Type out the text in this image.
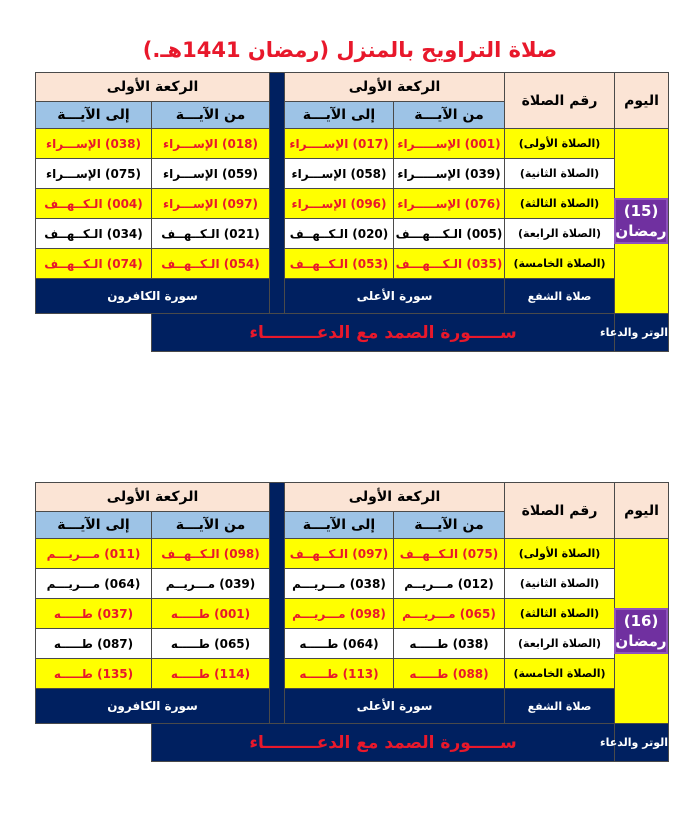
صلاة التراويح بالمنزل (رمضان 1441هـ.)
اليوم	رقم الصلاة	الركعة الأولى			الركعة الأولى	
		من الآيـــة	إلى الآيـــة		من الآيـــة	إلى الآيـــة

(15)
رمضان	(الصلاة الأولى)	(001) الإســـــراء	(017) الإســــراء		(018) الإســـراء	(038) الإســـراء
	(الصلاة الثانية)	(039) الإســـــراء	(058) الإســـراء		(059) الإســـراء	(075) الإســـراء
	(الصلاة الثالثة)	(076) الإســـــراء	(096) الإســـراء		(097) الإســـراء	(004) الـكــهــف
	(الصلاة الرابعة)	(005) الـكـــهـــف	(020) الـكــهــف		(021) الـكــهــف	(034) الـكــهــف
	(الصلاة الخامسة)	(035) الـكـــهـــف	(053) الـكــهــف		(054) الـكــهــف	(074) الـكــهــف
	صلاة الشفع	سورة الأعلى			سورة الكافرون	
الوتر والدعاء	ســـــورة الصمد مع الدعـــــــــاء					
اليوم	رقم الصلاة	الركعة الأولى			الركعة الأولى	
		من الآيـــة	إلى الآيـــة		من الآيـــة	إلى الآيـــة

(16)
رمضان	(الصلاة الأولى)	(075) الـكــهــف	(097) الـكــهــف		(098) الـكــهــف	(011) مـــريـــم
	(الصلاة الثانية)	(012) مـــريــم	(038) مـــريـــم		(039) مـــريــم	(064) مـــريـــم
	(الصلاة الثالثة)	(065) مـــريـــم	(098) مـــريـــم		(001) طـــــه	(037) طـــــه
	(الصلاة الرابعة)	(038) طـــــه	(064) طـــــه		(065) طـــــه	(087) طـــــه
	(الصلاة الخامسة)	(088) طـــــه	(113) طـــــه		(114) طـــــه	(135) طـــــه
	صلاة الشفع	سورة الأعلى			سورة الكافرون	
الوتر والدعاء	ســـــورة الصمد مع الدعـــــــــاء					
